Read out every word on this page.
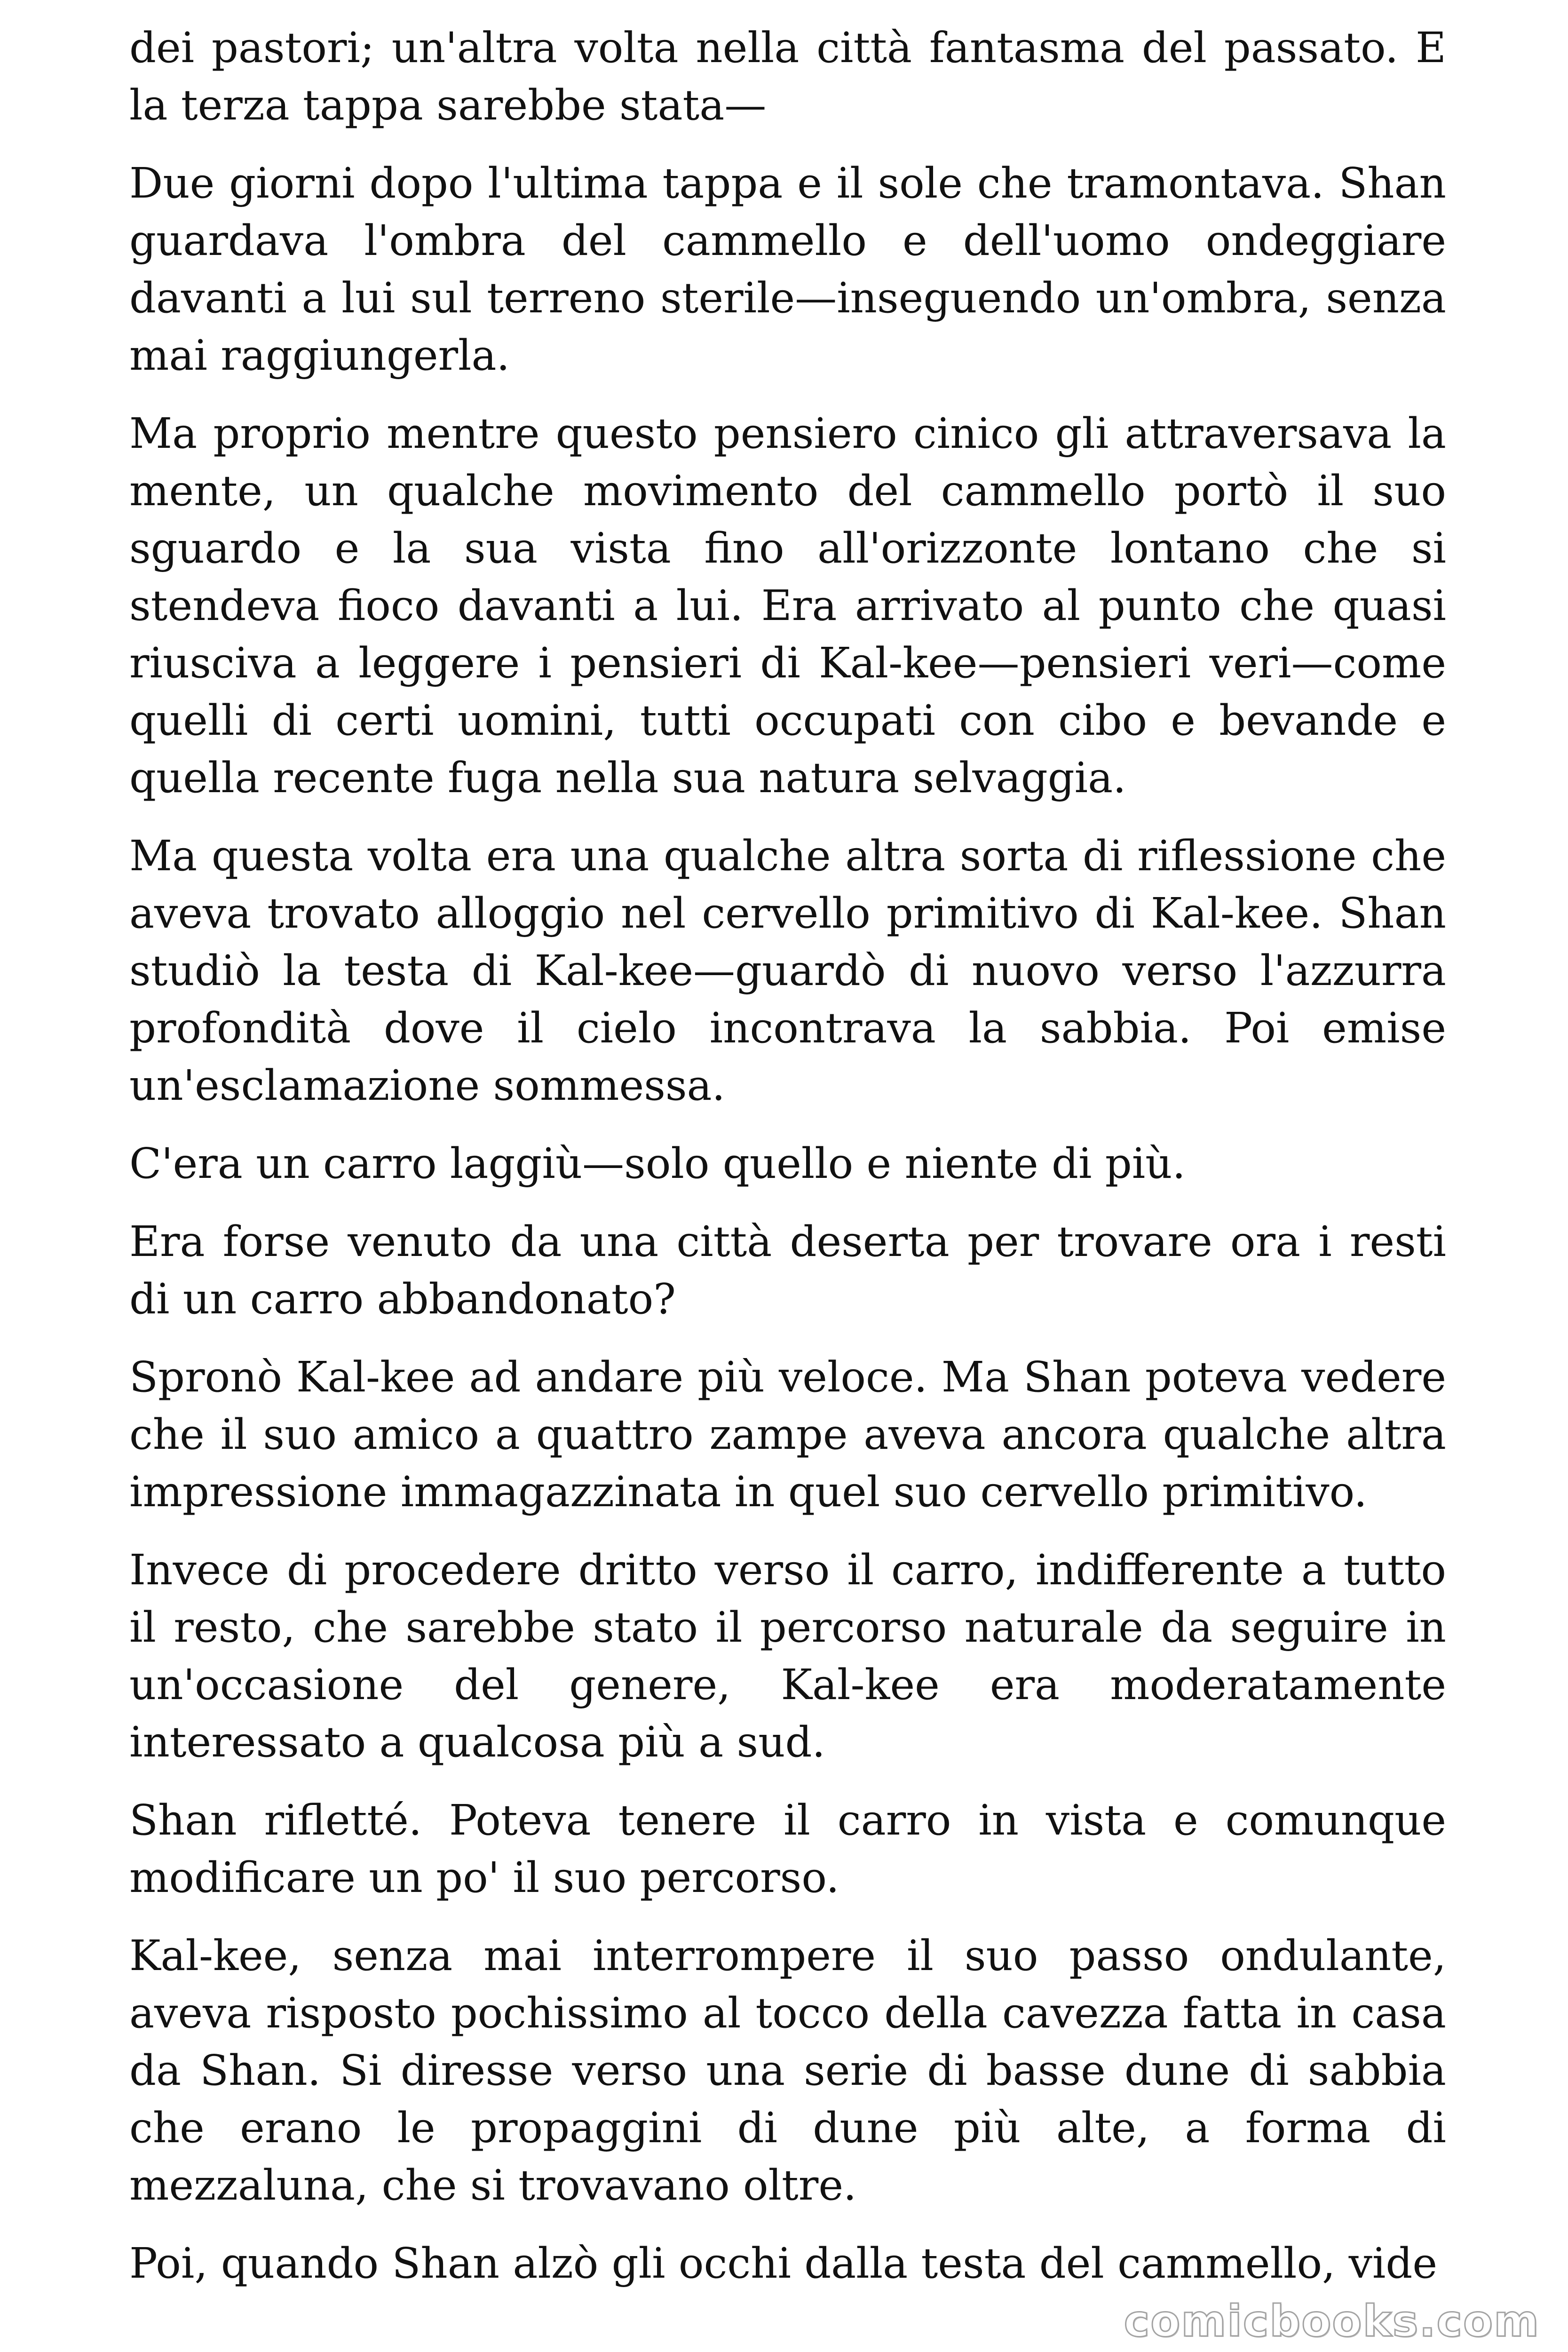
dei pastori; un'altra volta nella città fantasma del passato. E la terza tappa sarebbe stata—

Due giorni dopo l'ultima tappa e il sole che tramontava. Shan guardava l'ombra del cammello e dell'uomo ondeggiare davanti a lui sul terreno sterile—inseguendo un'ombra, senza mai raggiungerla.

Ma proprio mentre questo pensiero cinico gli attraversava la mente, un qualche movimento del cammello portò il suo sguardo e la sua vista fino all'orizzonte lontano che si stendeva fioco davanti a lui. Era arrivato al punto che quasi riusciva a leggere i pensieri di Kal-kee—pensieri veri—come quelli di certi uomini, tutti occupati con cibo e bevande e quella recente fuga nella sua natura selvaggia.

Ma questa volta era una qualche altra sorta di riflessione che aveva trovato alloggio nel cervello primitivo di Kal-kee. Shan studiò la testa di Kal-kee—guardò di nuovo verso l'azzurra profondità dove il cielo incontrava la sabbia. Poi emise un'esclamazione sommessa.

C'era un carro laggiù—solo quello e niente di più.

Era forse venuto da una città deserta per trovare ora i resti di un carro abbandonato?

Spronò Kal-kee ad andare più veloce. Ma Shan poteva vedere che il suo amico a quattro zampe aveva ancora qualche altra impressione immagazzinata in quel suo cervello primitivo.

Invece di procedere dritto verso il carro, indifferente a tutto il resto, che sarebbe stato il percorso naturale da seguire in un'occasione del genere, Kal-kee era moderatamente interessato a qualcosa più a sud.

Shan rifletté. Poteva tenere il carro in vista e comunque modificare un po' il suo percorso.

Kal-kee, senza mai interrompere il suo passo ondulante, aveva risposto pochissimo al tocco della cavezza fatta in casa da Shan. Si diresse verso una serie di basse dune di sabbia che erano le propaggini di dune più alte, a forma di mezzaluna, che si trovavano oltre.

Poi, quando Shan alzò gli occhi dalla testa del cammello, vide

comicbooks.com
